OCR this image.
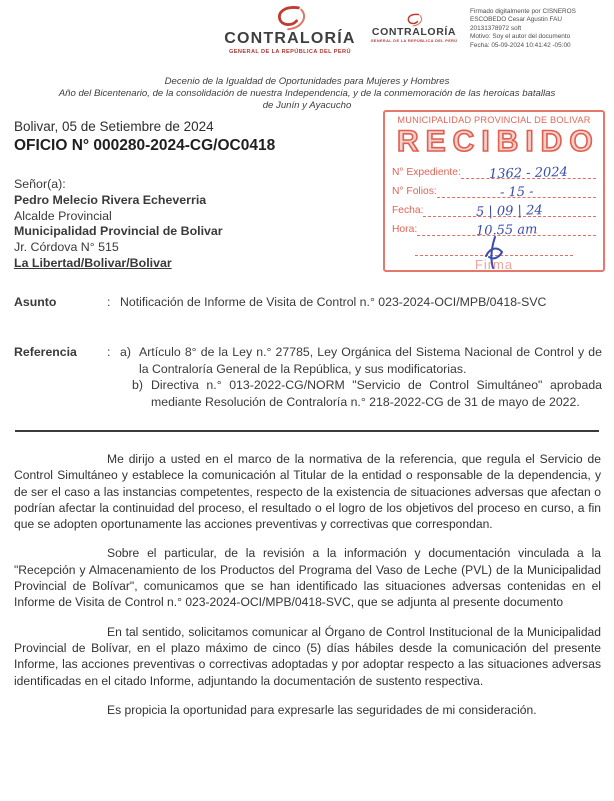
CONTRALORÍA
GENERAL DE LA REPÚBLICA DEL PERÚ
CONTRALORÍA
GENERAL DE LA REPÚBLICA DEL PERÚ
Firmado digitalmente por CISNEROS
ESCOBEDO Cesar Agustin FAU
20131378972 soft
Motivo: Soy el autor del documento
Fecha: 05-09-2024 10:41:42 -05:00
Decenio de la Igualdad de Oportunidades para Mujeres y Hombres
Año del Bicentenario, de la consolidación de nuestra Independencia, y de la conmemoración de las heroicas batallas
de Junín y Ayacucho
Bolivar, 05 de Setiembre de 2024
OFICIO N° 000280-2024-CG/OC0418
Señor(a):
Pedro Melecio Rivera Echeverria
Alcalde Provincial
Municipalidad Provincial de Bolivar
Jr. Córdova N° 515
La Libertad/Bolivar/Bolivar
MUNICIPALIDAD PROVINCIAL DE BOLIVAR
RECIBIDO
N° Expediente: 1362 - 2024
N° Folios:	- 15 -
Fecha:	5 | 09 | 24
Hora:	10.55 am
Firma
Asunto	: Notificación de Informe de Visita de Control n.° 023-2024-OCI/MPB/0418-SVC
Referencia	: a) Artículo 8° de la Ley n.° 27785, Ley Orgánica del Sistema Nacional de Control y de la Contraloría General de la República, y sus modificatorias.
b) Directiva n.° 013-2022-CG/NORM "Servicio de Control Simultáneo" aprobada mediante Resolución de Contraloría n.° 218-2022-CG de 31 de mayo de 2022.

Me dirijo a usted en el marco de la normativa de la referencia, que regula el Servicio de Control Simultáneo y establece la comunicación al Titular de la entidad o responsable de la dependencia, y de ser el caso a las instancias competentes, respecto de la existencia de situaciones adversas que afectan o podrían afectar la continuidad del proceso, el resultado o el logro de los objetivos del proceso en curso, a fin que se adopten oportunamente las acciones preventivas y correctivas que correspondan.

Sobre el particular, de la revisión a la información y documentación vinculada a la "Recepción y Almacenamiento de los Productos del Programa del Vaso de Leche (PVL) de la Municipalidad Provincial de Bolívar", comunicamos que se han identificado las situaciones adversas contenidas en el Informe de Visita de Control n.° 023-2024-OCI/MPB/0418-SVC, que se adjunta al presente documento

En tal sentido, solicitamos comunicar al Órgano de Control Institucional de la Municipalidad Provincial de Bolívar, en el plazo máximo de cinco (5) días hábiles desde la comunicación del presente Informe, las acciones preventivas o correctivas adoptadas y por adoptar respecto a las situaciones adversas identificadas en el citado Informe, adjuntando la documentación de sustento respectiva.

Es propicia la oportunidad para expresarle las seguridades de mi consideración.
